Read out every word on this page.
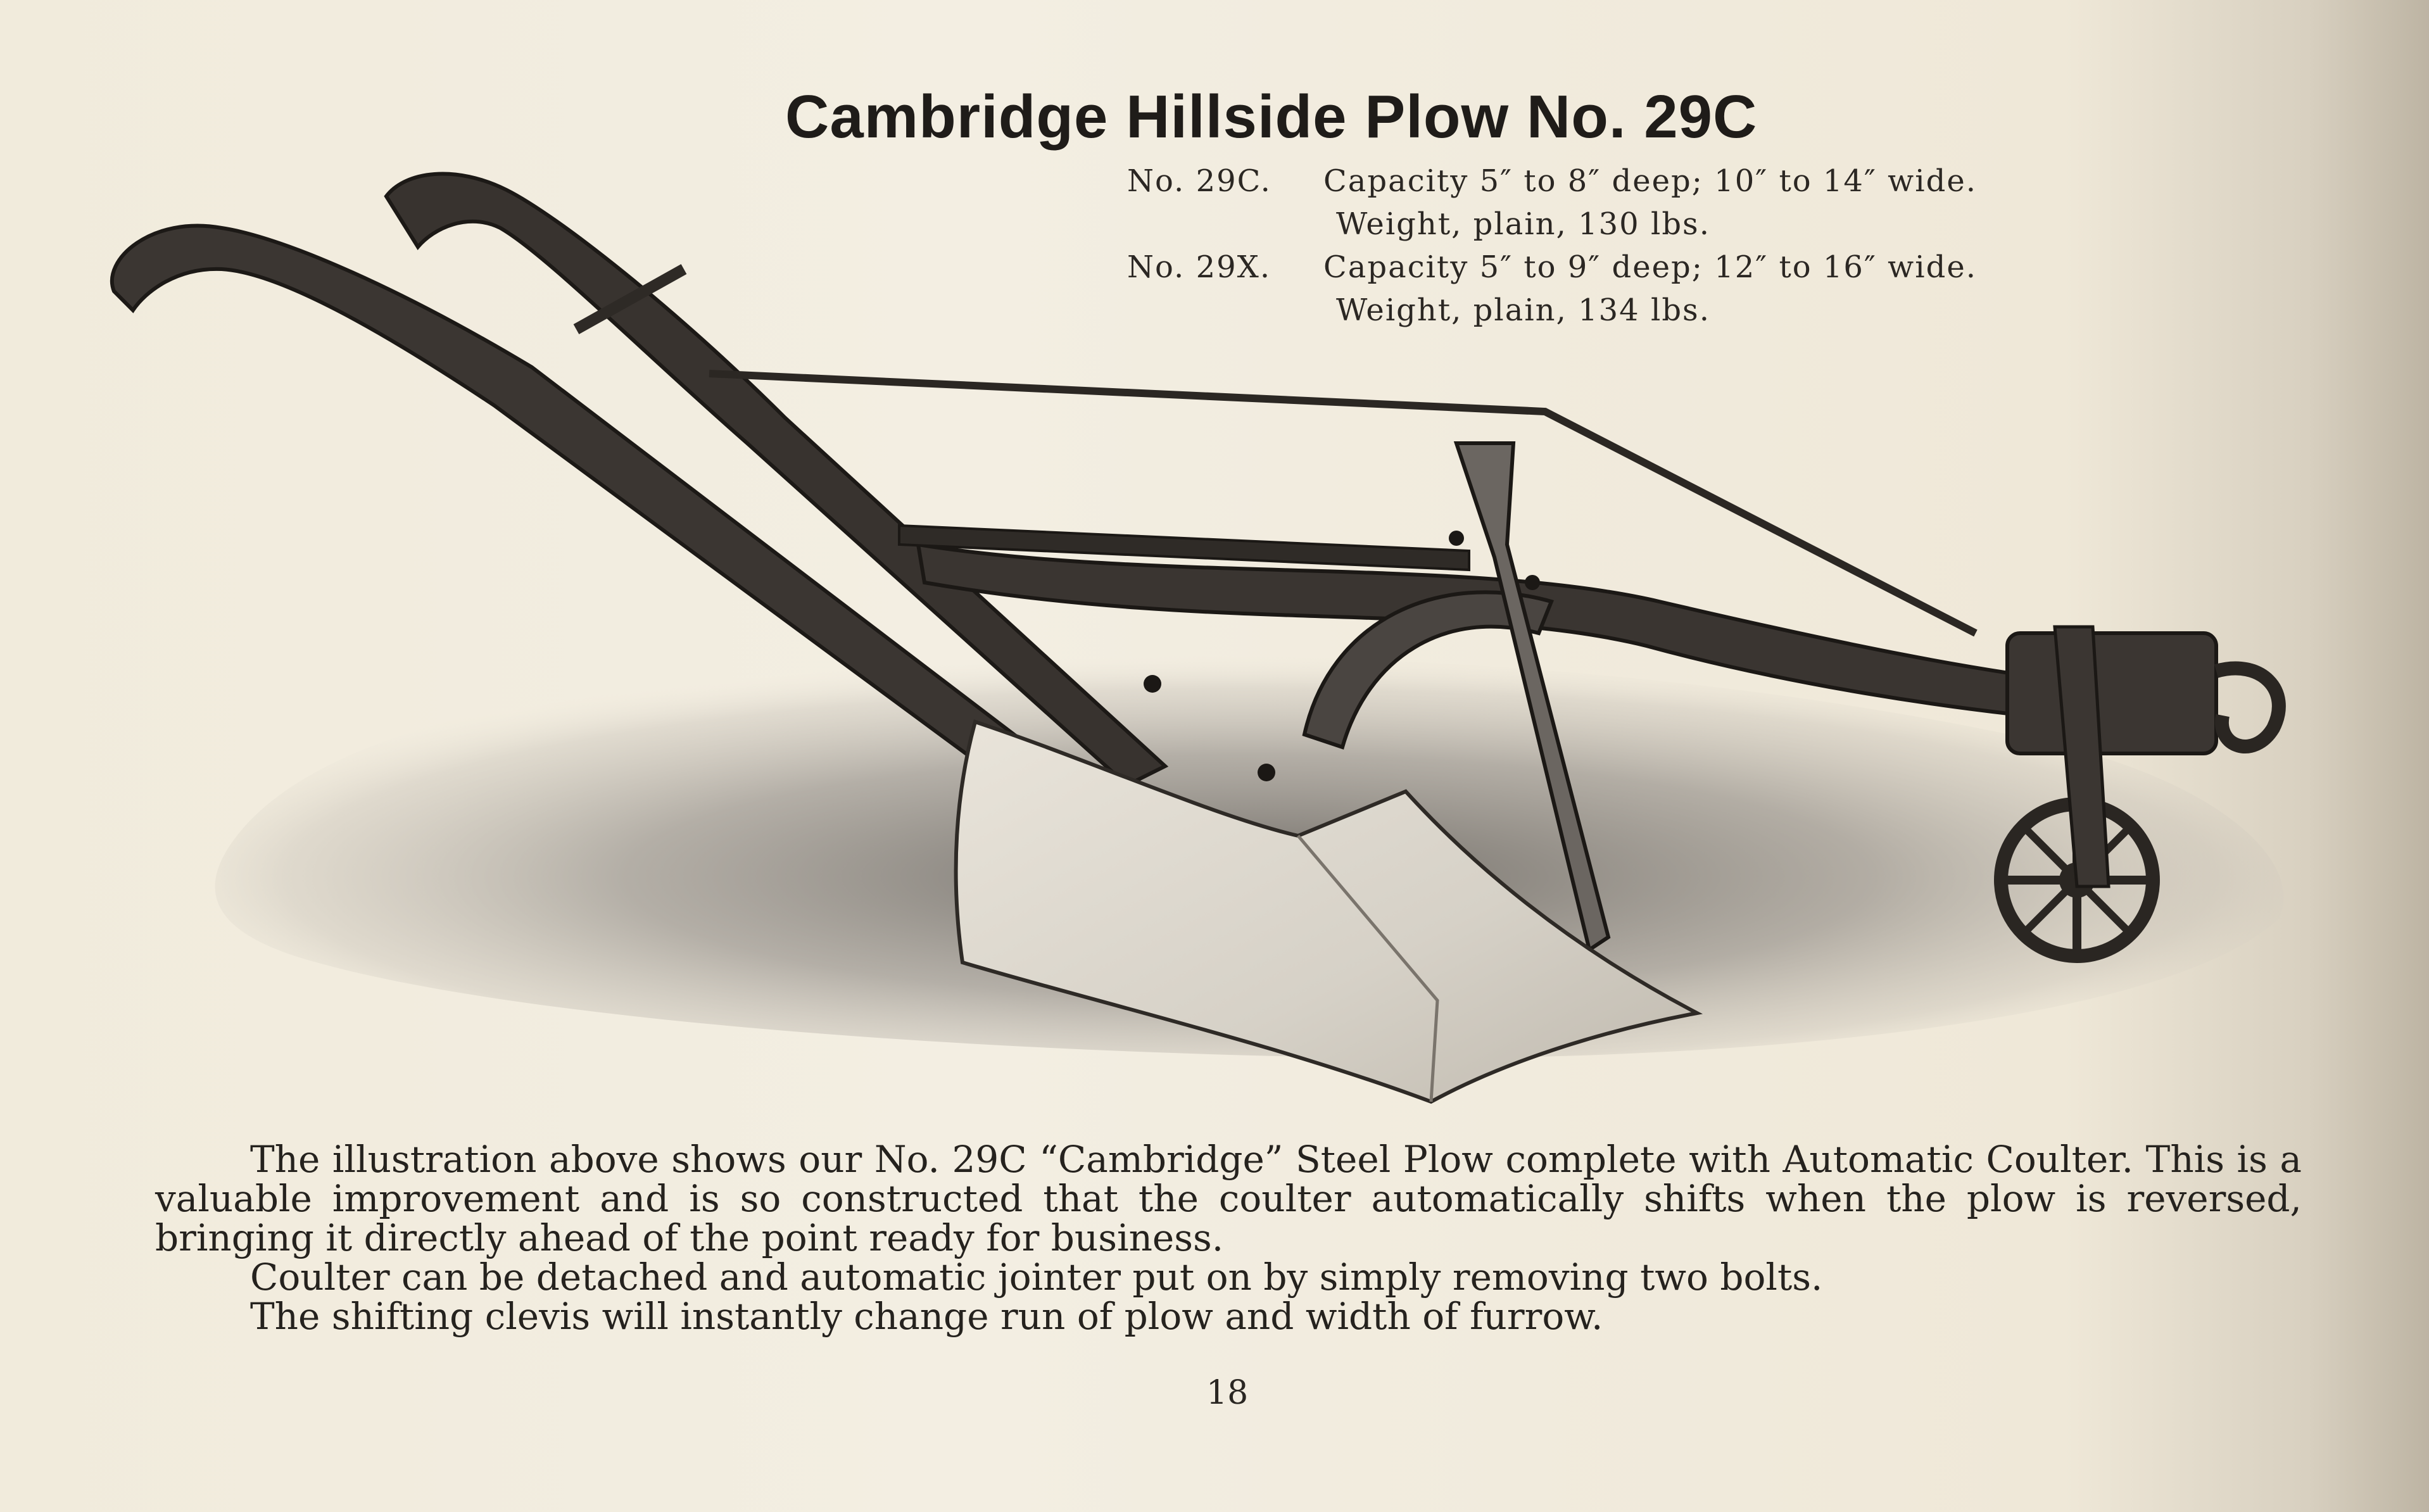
Cambridge Hillside Plow No. 29C
No. 29C.	Capacity 5″ to 8″ deep; 10″ to 14″ wide.
Weight, plain, 130 lbs.
No. 29X.	Capacity 5″ to 9″ deep; 12″ to 16″ wide.
Weight, plain, 134 lbs.

The illustration above shows our No. 29C “Cambridge” Steel Plow complete with Automatic Coulter. This is a valuable improvement and is so constructed that the coulter automatically shifts when the plow is reversed, bringing it directly ahead of the point ready for business.

Coulter can be detached and automatic jointer put on by simply removing two bolts.

The shifting clevis will instantly change run of plow and width of furrow.

18
